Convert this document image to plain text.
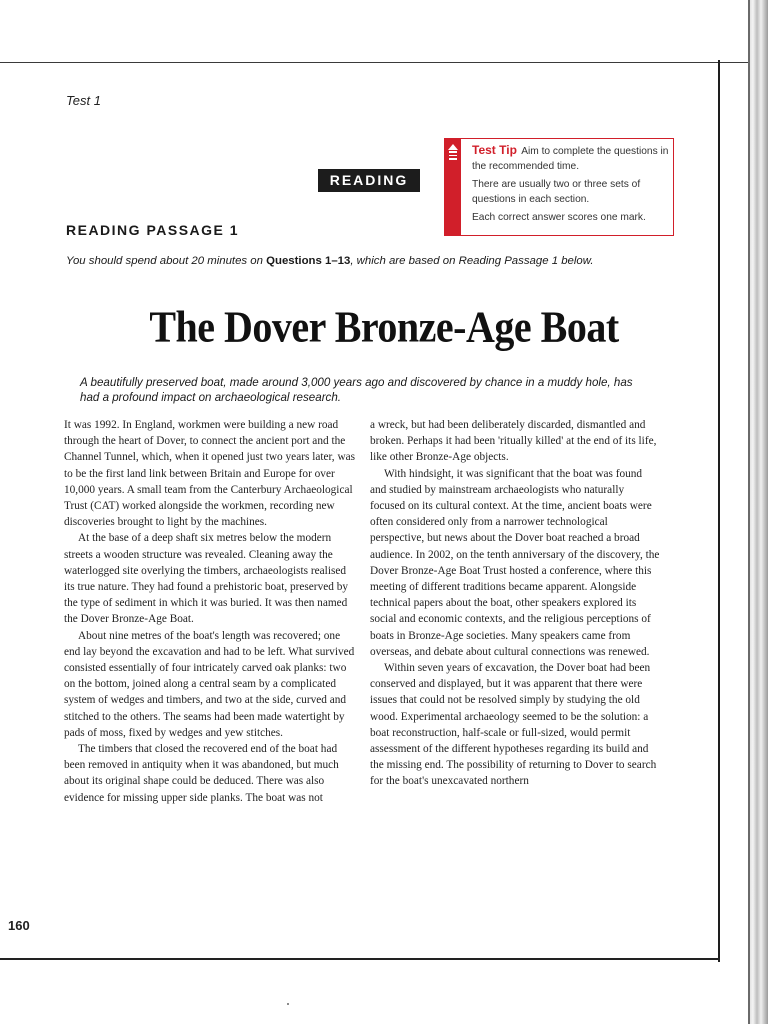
Test 1
READING

Test Tip Aim to complete the questions in the recommended time.

There are usually two or three sets of questions in each section.

Each correct answer scores one mark.

READING PASSAGE 1
You should spend about 20 minutes on Questions 1–13, which are based on Reading Passage 1 below.
The Dover Bronze-Age Boat
A beautifully preserved boat, made around 3,000 years ago and discovered by chance in a muddy hole, has had a profound impact on archaeological research.

It was 1992. In England, workmen were building a new road through the heart of Dover, to connect the ancient port and the Channel Tunnel, which, when it opened just two years later, was to be the first land link between Britain and Europe for over 10,000 years. A small team from the Canterbury Archaeological Trust (CAT) worked alongside the workmen, recording new discoveries brought to light by the machines.

At the base of a deep shaft six metres below the modern streets a wooden structure was revealed. Cleaning away the waterlogged site overlying the timbers, archaeologists realised its true nature. They had found a prehistoric boat, preserved by the type of sediment in which it was buried. It was then named the Dover Bronze-Age Boat.

About nine metres of the boat's length was recovered; one end lay beyond the excavation and had to be left. What survived consisted essentially of four intricately carved oak planks: two on the bottom, joined along a central seam by a complicated system of wedges and timbers, and two at the side, curved and stitched to the others. The seams had been made watertight by pads of moss, fixed by wedges and yew stitches.

The timbers that closed the recovered end of the boat had been removed in antiquity when it was abandoned, but much about its original shape could be deduced. There was also evidence for missing upper side planks. The boat was not

a wreck, but had been deliberately discarded, dismantled and broken. Perhaps it had been 'ritually killed' at the end of its life, like other Bronze-Age objects.

With hindsight, it was significant that the boat was found and studied by mainstream archaeologists who naturally focused on its cultural context. At the time, ancient boats were often considered only from a narrower technological perspective, but news about the Dover boat reached a broad audience. In 2002, on the tenth anniversary of the discovery, the Dover Bronze-Age Boat Trust hosted a conference, where this meeting of different traditions became apparent. Alongside technical papers about the boat, other speakers explored its social and economic contexts, and the religious perceptions of boats in Bronze-Age societies. Many speakers came from overseas, and debate about cultural connections was renewed.

Within seven years of excavation, the Dover boat had been conserved and displayed, but it was apparent that there were issues that could not be resolved simply by studying the old wood. Experimental archaeology seemed to be the solution: a boat reconstruction, half-scale or full-sized, would permit assessment of the different hypotheses regarding its build and the missing end. The possibility of returning to Dover to search for the boat's unexcavated northern

160
